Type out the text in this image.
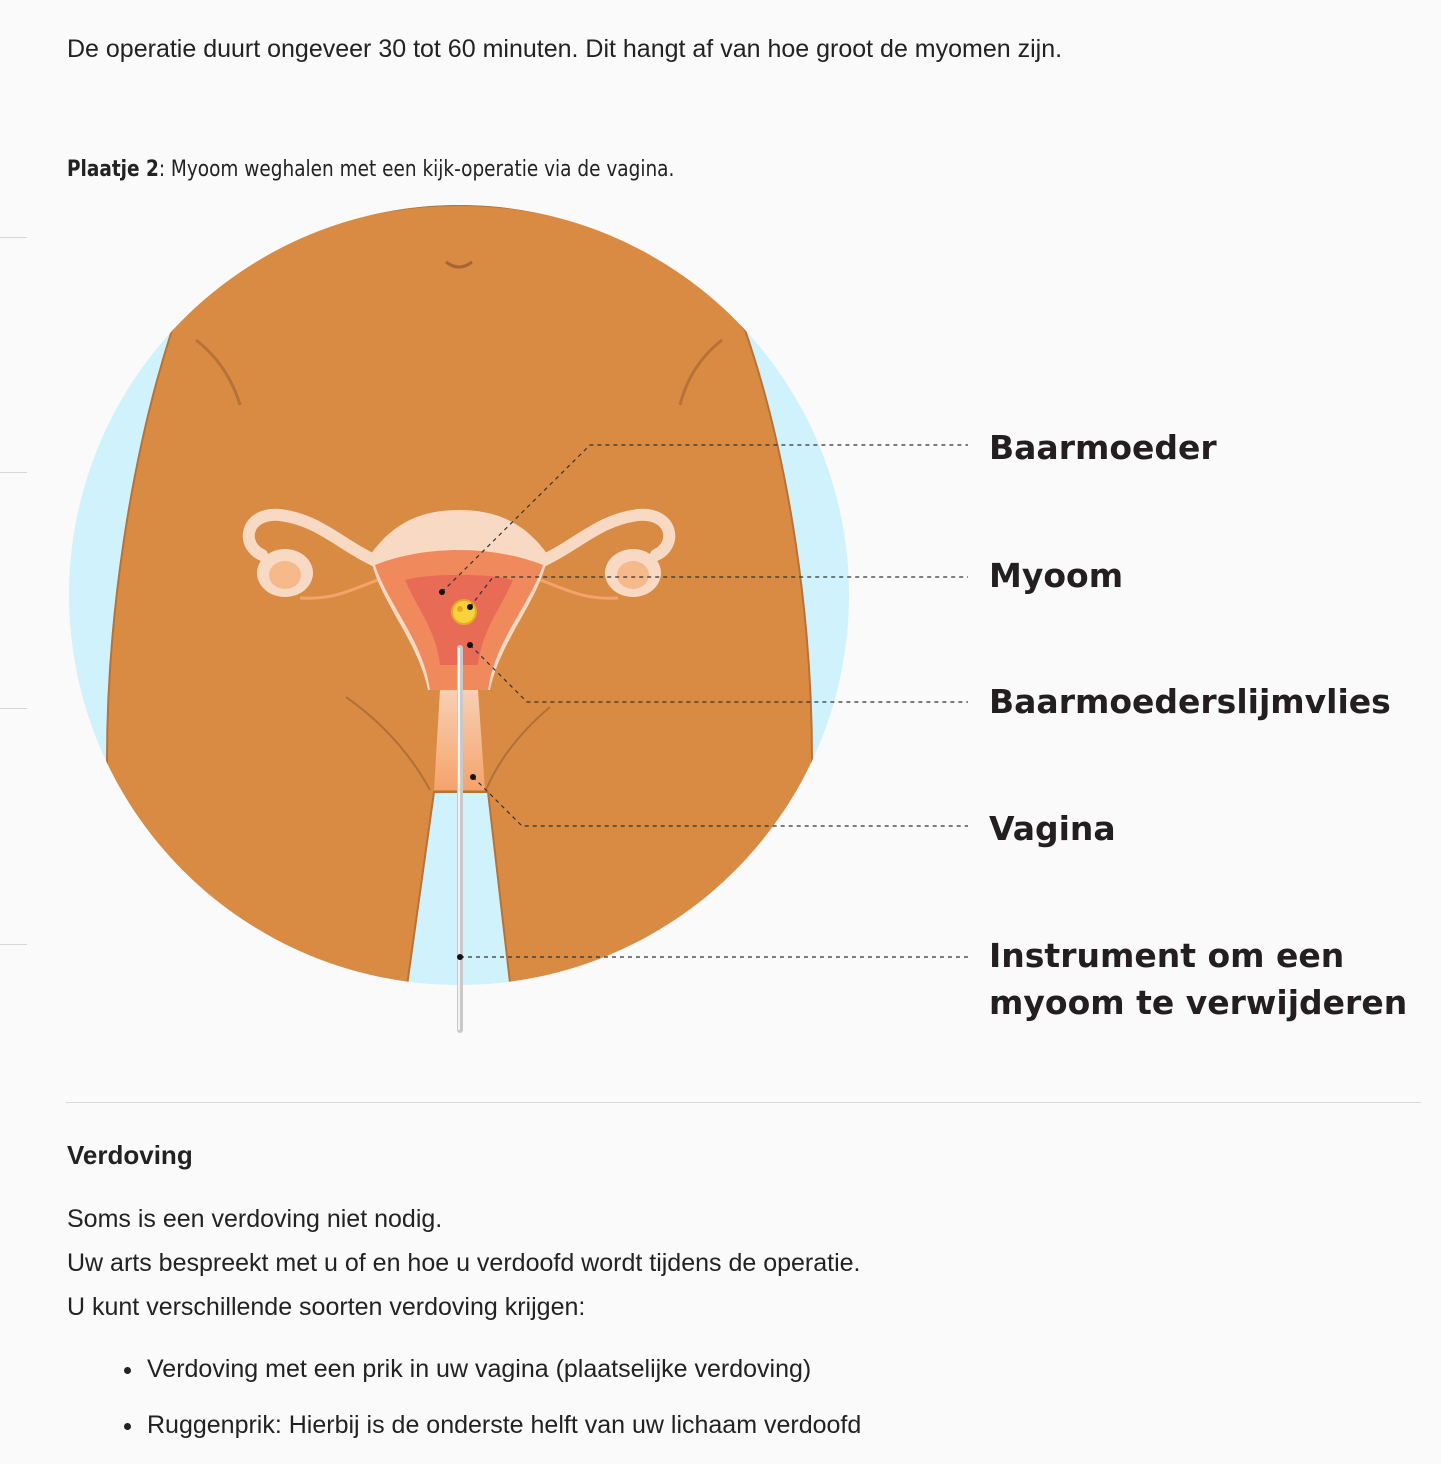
De operatie duurt ongeveer 30 tot 60 minuten. Dit hangt af van hoe groot de myomen zijn.

Plaatje 2: Myoom weghalen met een kijk-operatie via de vagina.

Baarmoeder
Myoom
Baarmoederslijmvlies
Vagina
Instrument om een
myoom te verwijderen
Verdoving

Soms is een verdoving niet nodig.

Uw arts bespreekt met u of en hoe u verdoofd wordt tijdens de operatie.

U kunt verschillende soorten verdoving krijgen:

Verdoving met een prik in uw vagina (plaatselijke verdoving)
Ruggenprik: Hierbij is de onderste helft van uw lichaam verdoofd
